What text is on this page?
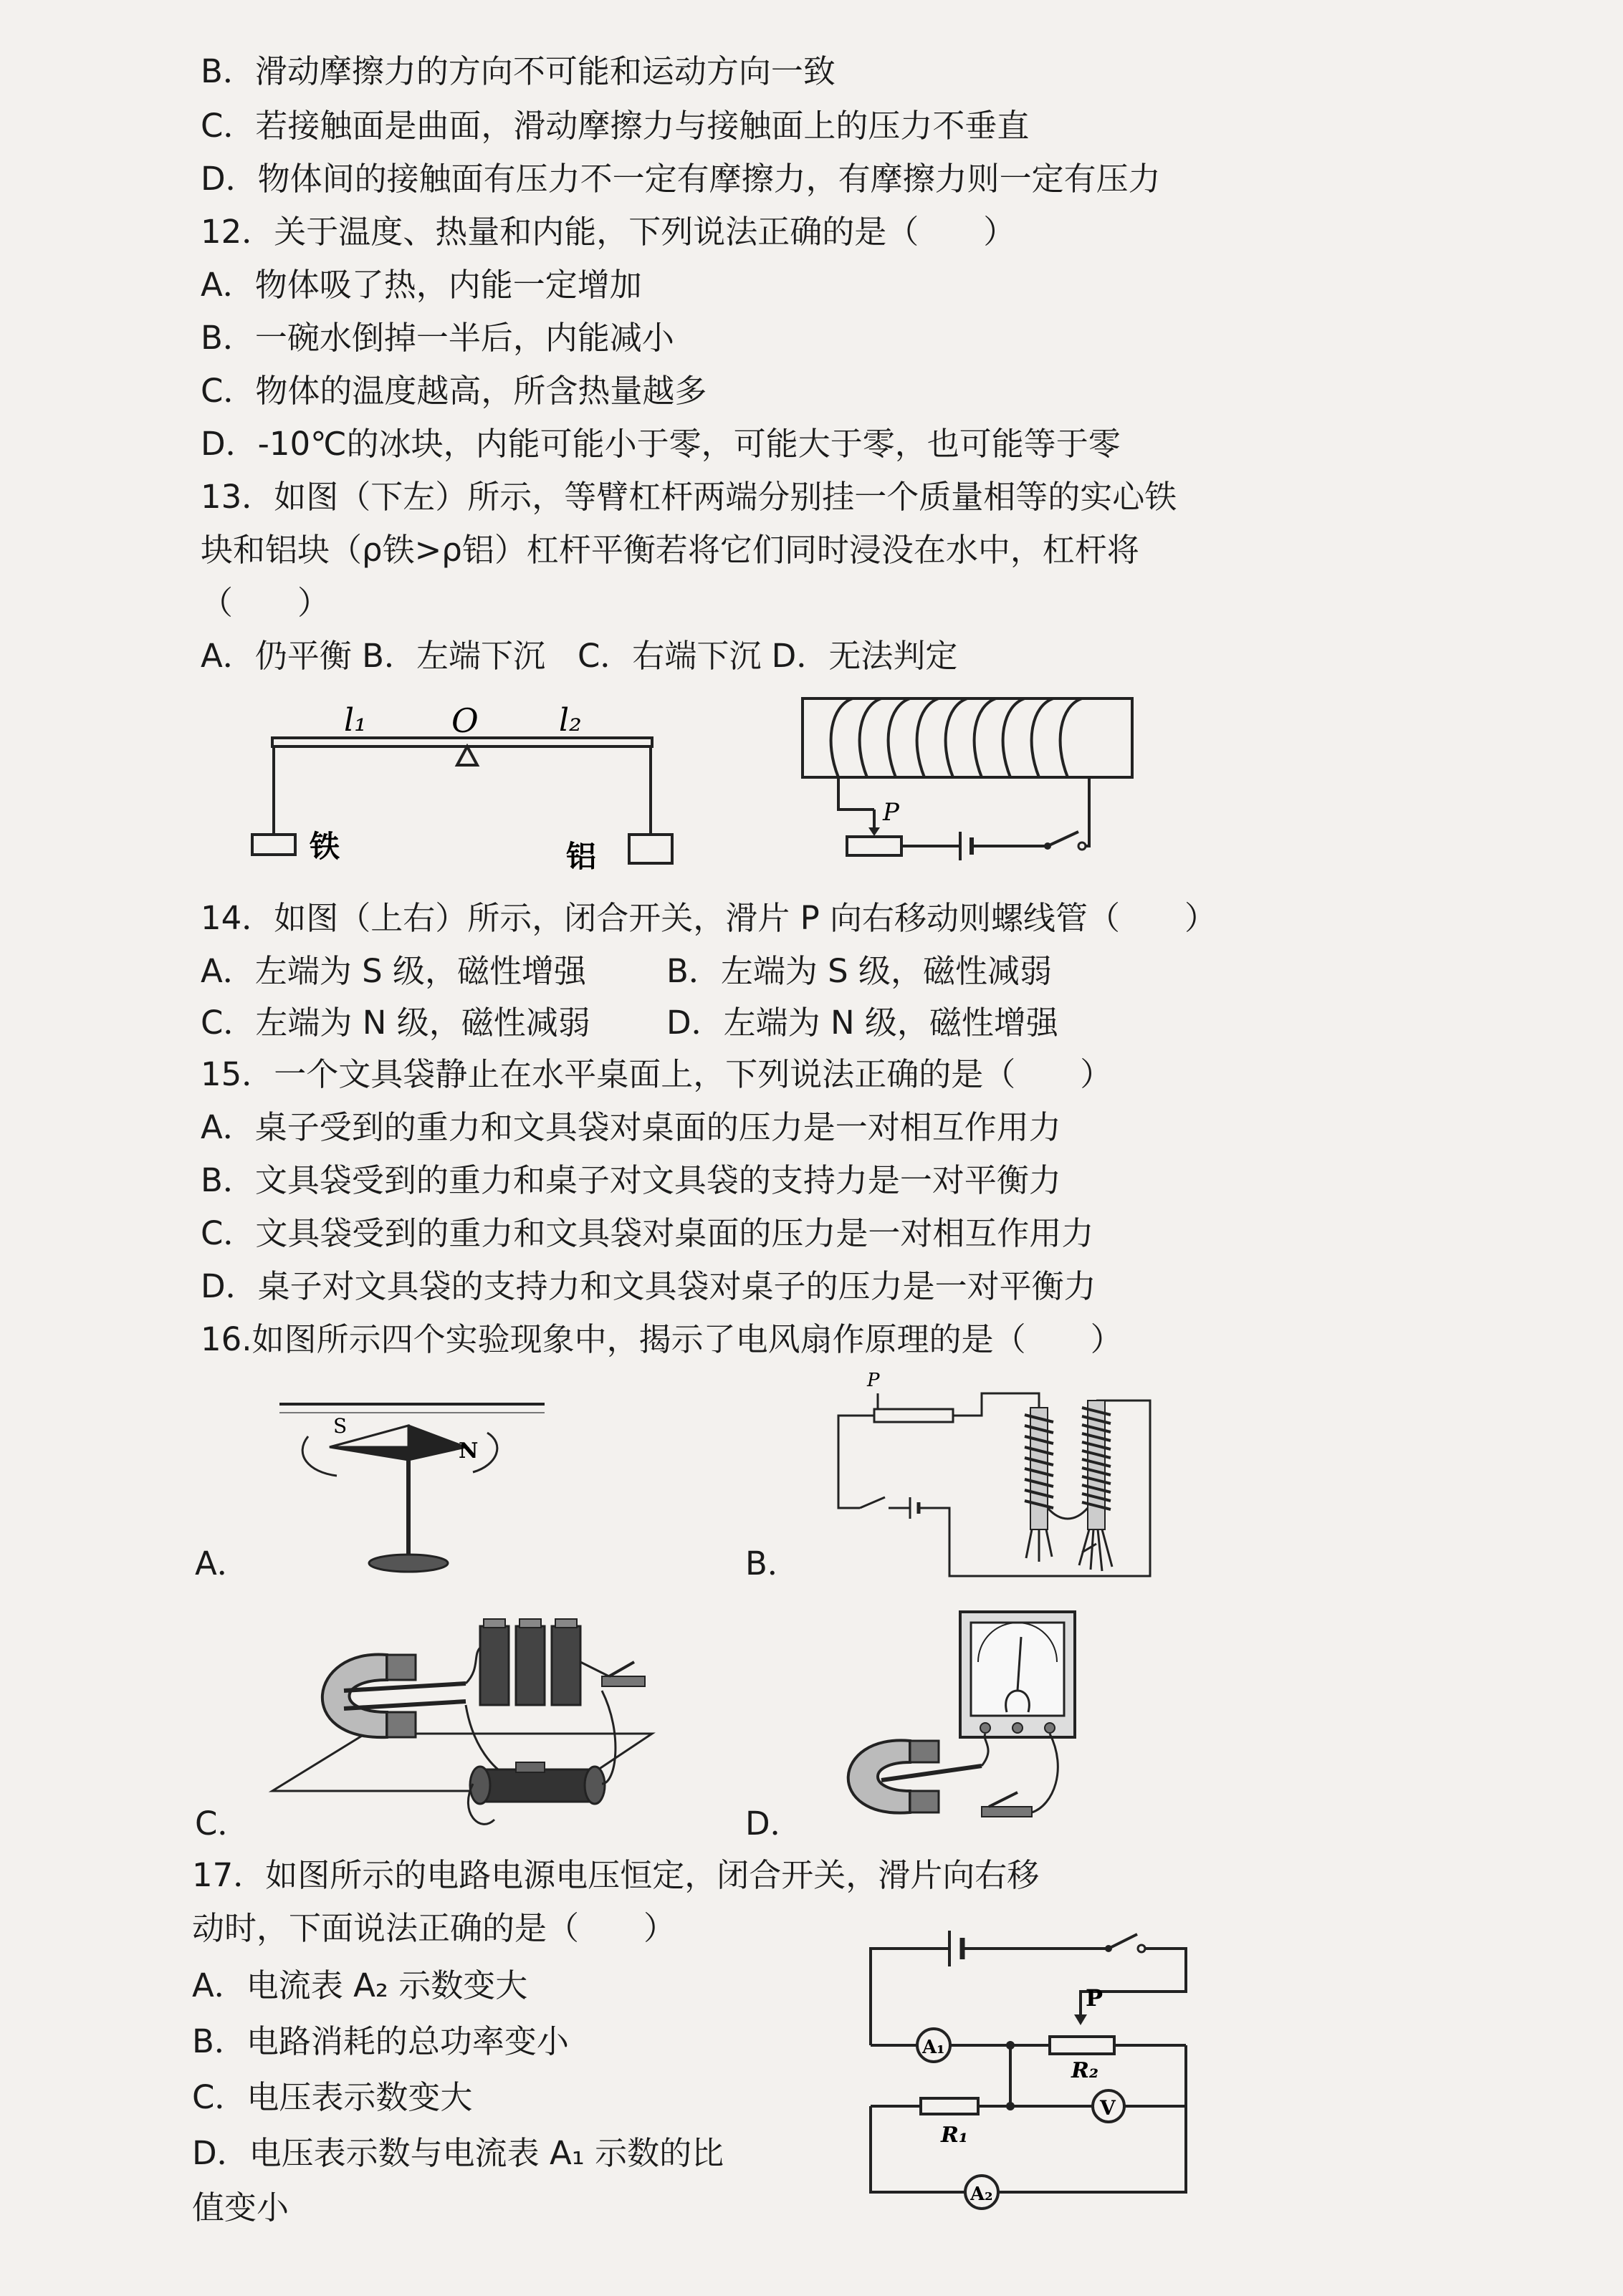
B．滑动摩擦力的方向不可能和运动方向一致
C．若接触面是曲面，滑动摩擦力与接触面上的压力不垂直
D．物体间的接触面有压力不一定有摩擦力，有摩擦力则一定有压力
12．关于温度、热量和内能，下列说法正确的是（　　）
A．物体吸了热，内能一定增加
B．一碗水倒掉一半后，内能减小
C．物体的温度越高，所含热量越多
D．-10℃的冰块，内能可能小于零，可能大于零，也可能等于零
13．如图（下左）所示，等臂杠杆两端分别挂一个质量相等的实心铁
块和铝块（ρ铁>ρ铝）杠杆平衡若将它们同时浸没在水中，杠杆将
（　　）
A．仍平衡 B．左端下沉　C．右端下沉 D．无法判定
l₁	O	l₂
铁	铝
P
14．如图（上右）所示，闭合开关，滑片 P 向右移动则螺线管（　　）
A．左端为 S 级，磁性增强 B．左端为 S 级，磁性减弱
C．左端为 N 级，磁性减弱 D．左端为 N 级，磁性增强
15．一个文具袋静止在水平桌面上，下列说法正确的是（　　）
A．桌子受到的重力和文具袋对桌面的压力是一对相互作用力
B．文具袋受到的重力和桌子对文具袋的支持力是一对平衡力
C．文具袋受到的重力和文具袋对桌面的压力是一对相互作用力
D．桌子对文具袋的支持力和文具袋对桌子的压力是一对平衡力
16.如图所示四个实验现象中，揭示了电风扇作原理的是（　　）
S
N
A．
P
B．
C．	D．
17．如图所示的电路电源电压恒定，闭合开关，滑片向右移
动时，下面说法正确的是（　　）
A．电流表 A₂ 示数变大
B．电路消耗的总功率变小
C．电压表示数变大
D．电压表示数与电流表 A₁ 示数的比
值变小
P
A₁
R₂
R₁
V
A₂
